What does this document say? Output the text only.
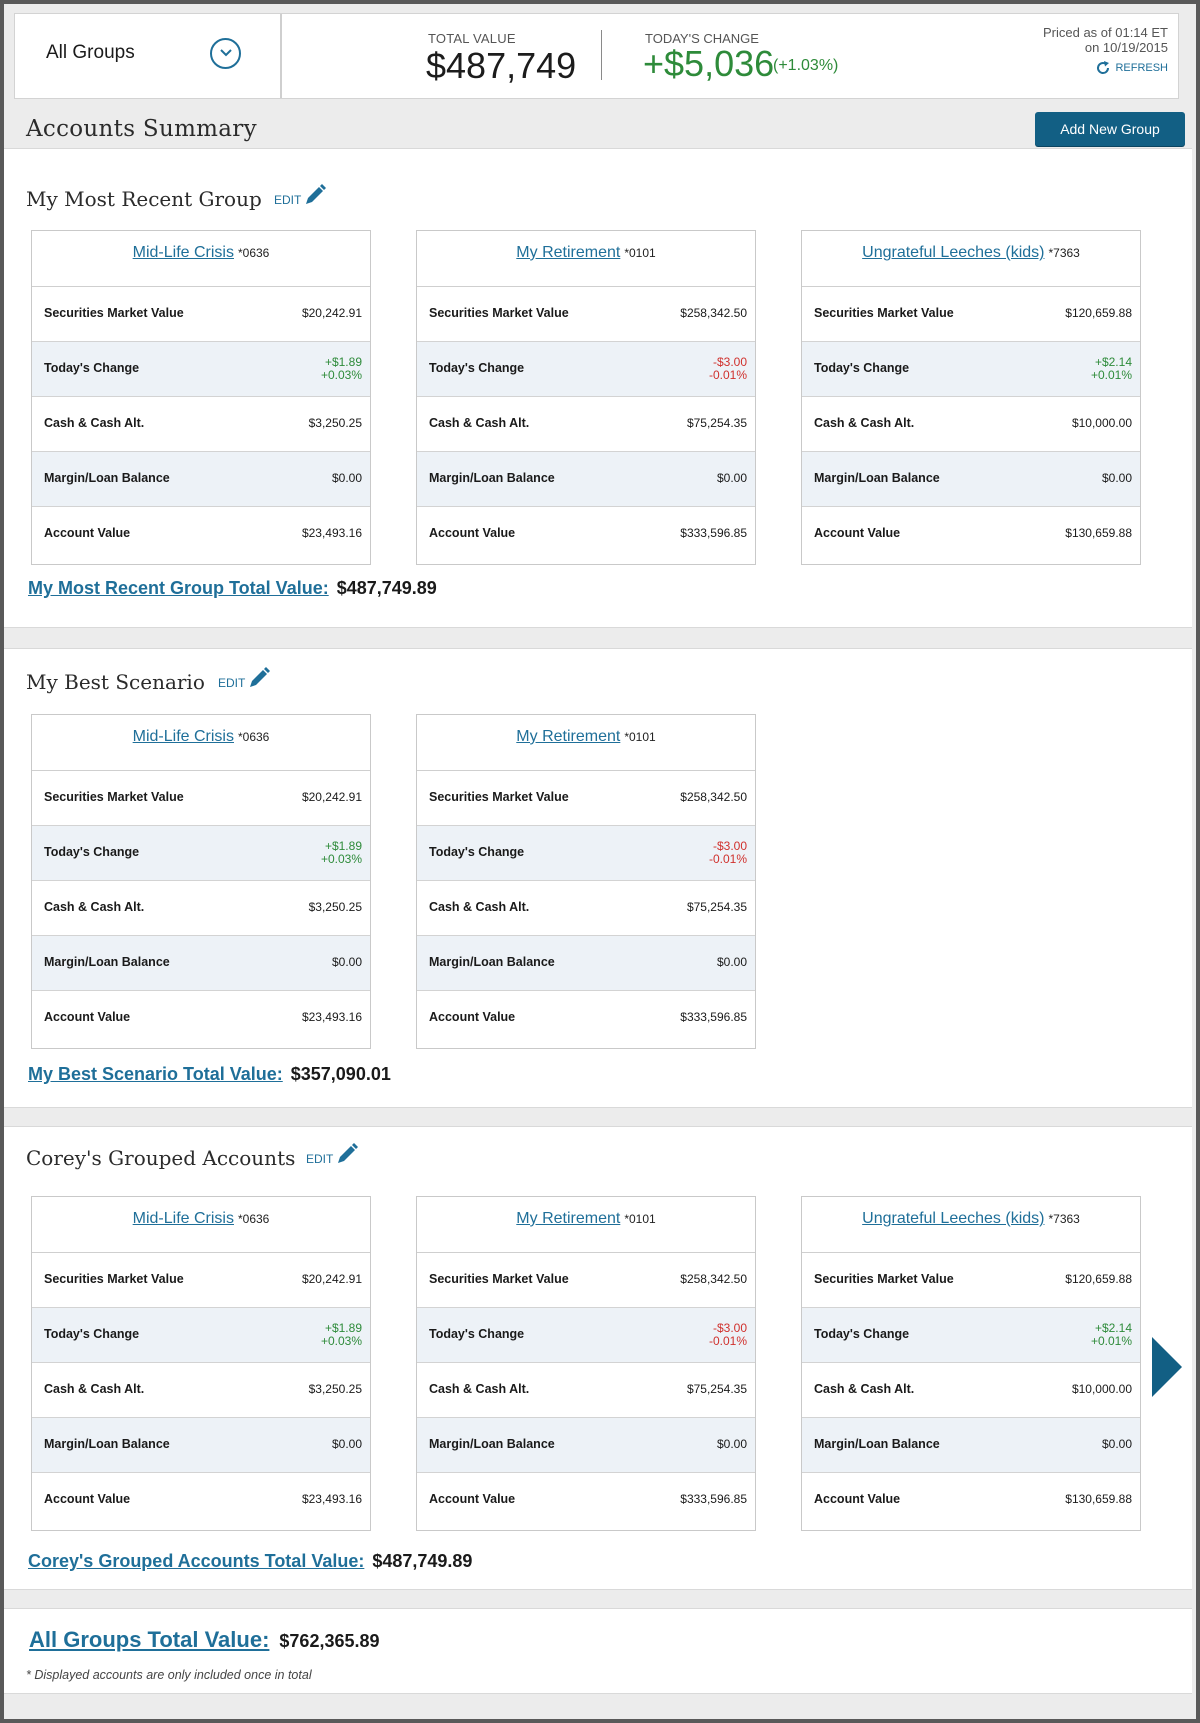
All Groups
TOTAL VALUE
$487,749
TODAY'S CHANGE
+$5,036
(+1.03%)
Priced as of 01:14 ET
on 10/19/2015
REFRESH
Accounts Summary	Add New Group
My Most Recent Group EDIT
Mid-Life Crisis *0636
Securities Market Value	$20,242.91
Today's Change	+$1.89
+0.03%
Cash & Cash Alt.	$3,250.25
Margin/Loan Balance	$0.00
Account Value	$23,493.16
My Retirement *0101
Securities Market Value	$258,342.50
Today's Change	-$3.00
-0.01%
Cash & Cash Alt.	$75,254.35
Margin/Loan Balance	$0.00
Account Value	$333,596.85
Ungrateful Leeches (kids) *7363
Securities Market Value	$120,659.88
Today's Change	+$2.14
+0.01%
Cash & Cash Alt.	$10,000.00
Margin/Loan Balance	$0.00
Account Value	$130,659.88
My Most Recent Group Total Value: $487,749.89
My Best Scenario EDIT
Mid-Life Crisis *0636
Securities Market Value	$20,242.91
Today's Change	+$1.89
+0.03%
Cash & Cash Alt.	$3,250.25
Margin/Loan Balance	$0.00
Account Value	$23,493.16
My Retirement *0101
Securities Market Value	$258,342.50
Today's Change	-$3.00
-0.01%
Cash & Cash Alt.	$75,254.35
Margin/Loan Balance	$0.00
Account Value	$333,596.85
My Best Scenario Total Value: $357,090.01
Corey's Grouped Accounts EDIT
Mid-Life Crisis *0636
Securities Market Value	$20,242.91
Today's Change	+$1.89
+0.03%
Cash & Cash Alt.	$3,250.25
Margin/Loan Balance	$0.00
Account Value	$23,493.16
My Retirement *0101
Securities Market Value	$258,342.50
Today's Change	-$3.00
-0.01%
Cash & Cash Alt.	$75,254.35
Margin/Loan Balance	$0.00
Account Value	$333,596.85
Ungrateful Leeches (kids) *7363
Securities Market Value	$120,659.88
Today's Change	+$2.14
+0.01%
Cash & Cash Alt.	$10,000.00
Margin/Loan Balance	$0.00
Account Value	$130,659.88
Corey's Grouped Accounts Total Value: $487,749.89
All Groups Total Value: $762,365.89
* Displayed accounts are only included once in total
